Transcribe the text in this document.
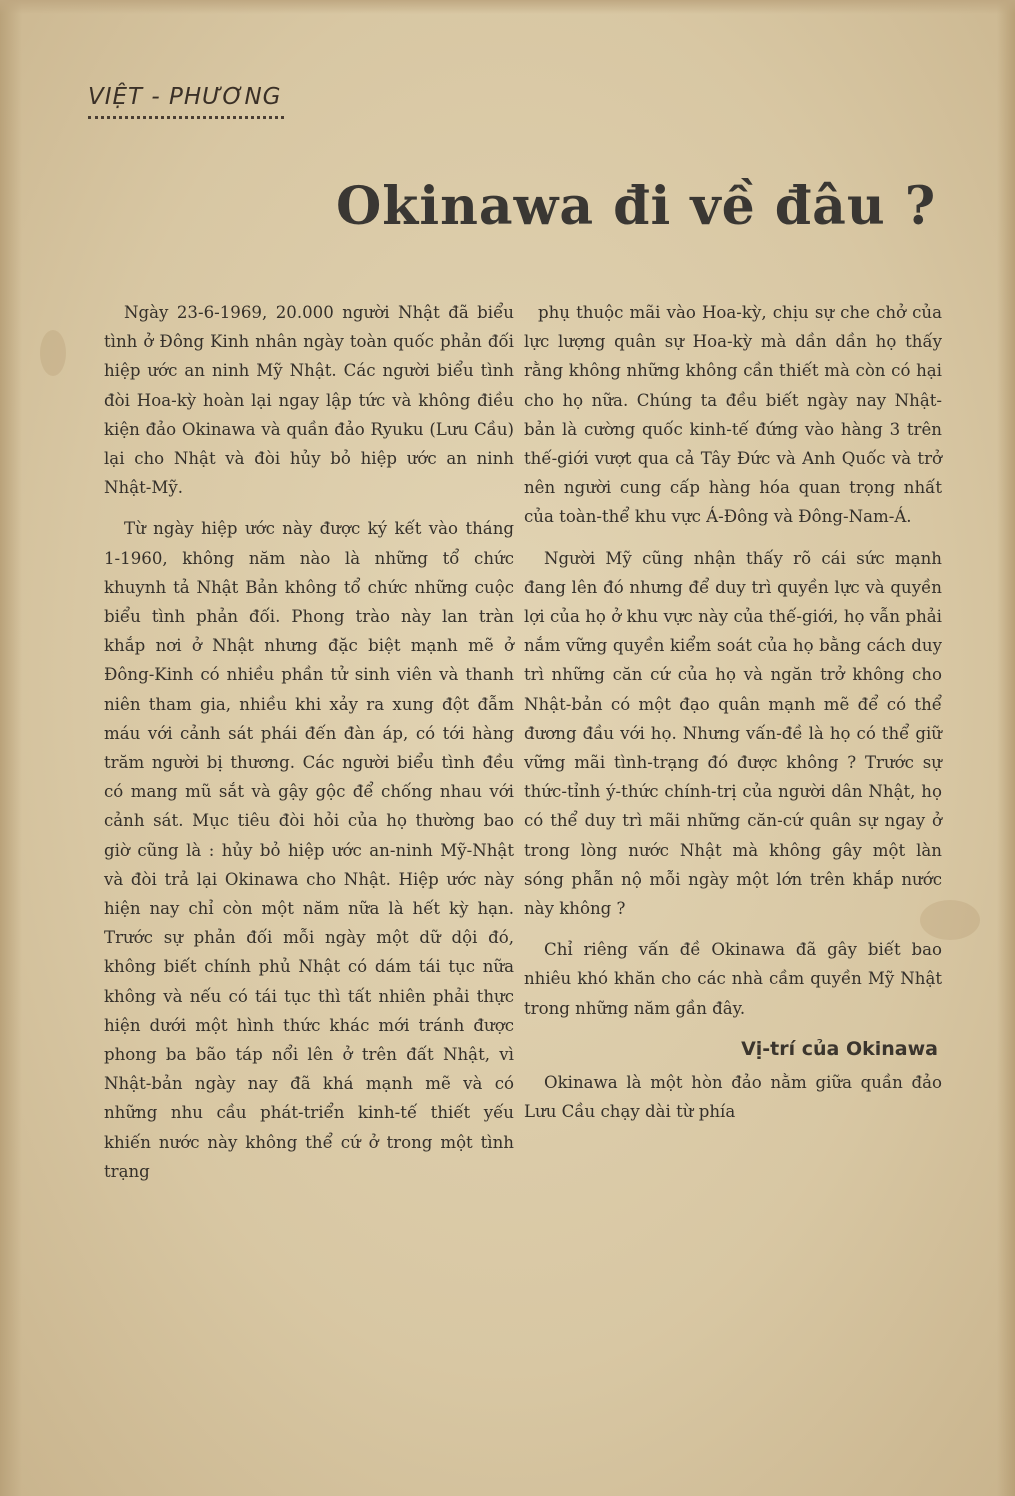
VIỆT - PHƯƠNG
Okinawa đi về đâu ?

Ngày 23-6-1969, 20.000 người Nhật đã biểu tình ở Đông Kinh nhân ngày toàn quốc phản đối hiệp ước an ninh Mỹ Nhật. Các người biểu tình đòi Hoa-kỳ hoàn lại ngay lập tức và không điều kiện đảo Okinawa và quần đảo Ryuku (Lưu Cầu) lại cho Nhật và đòi hủy bỏ hiệp ước an ninh Nhật-Mỹ.

Từ ngày hiệp ước này được ký kết vào tháng 1-1960, không năm nào là những tổ chức khuynh tả Nhật Bản không tổ chức những cuộc biểu tình phản đối. Phong trào này lan tràn khắp nơi ở Nhật nhưng đặc biệt mạnh mẽ ở Đông-Kinh có nhiều phần tử sinh viên và thanh niên tham gia, nhiều khi xảy ra xung đột đẫm máu với cảnh sát phái đến đàn áp, có tới hàng trăm người bị thương. Các người biểu tình đều có mang mũ sắt và gậy gộc để chống nhau với cảnh sát. Mục tiêu đòi hỏi của họ thường bao giờ cũng là : hủy bỏ hiệp ước an-ninh Mỹ-Nhật và đòi trả lại Okinawa cho Nhật. Hiệp ước này hiện nay chỉ còn một năm nữa là hết kỳ hạn. Trước sự phản đối mỗi ngày một dữ dội đó, không biết chính phủ Nhật có dám tái tục nữa không và nếu có tái tục thì tất nhiên phải thực hiện dưới một hình thức khác mới tránh được phong ba bão táp nổi lên ở trên đất Nhật, vì Nhật-bản ngày nay đã khá mạnh mẽ và có những nhu cầu phát-triển kinh-tế thiết yếu khiến nước này không thể cứ ở trong một tình trạng

phụ thuộc mãi vào Hoa-kỳ, chịu sự che chở của lực lượng quân sự Hoa-kỳ mà dần dần họ thấy rằng không những không cần thiết mà còn có hại cho họ nữa. Chúng ta đều biết ngày nay Nhật-bản là cường quốc kinh-tế đứng vào hàng 3 trên thế-giới vượt qua cả Tây Đức và Anh Quốc và trở nên người cung cấp hàng hóa quan trọng nhất của toàn-thể khu vực Á-Đông và Đông-Nam-Á.

Người Mỹ cũng nhận thấy rõ cái sức mạnh đang lên đó nhưng để duy trì quyền lực và quyền lợi của họ ở khu vực này của thế-giới, họ vẫn phải nắm vững quyền kiểm soát của họ bằng cách duy trì những căn cứ của họ và ngăn trở không cho Nhật-bản có một đạo quân mạnh mẽ để có thể đương đầu với họ. Nhưng vấn-đề là họ có thể giữ vững mãi tình-trạng đó được không ? Trước sự thức-tỉnh ý-thức chính-trị của người dân Nhật, họ có thể duy trì mãi những căn-cứ quân sự ngay ở trong lòng nước Nhật mà không gây một làn sóng phẫn nộ mỗi ngày một lớn trên khắp nước này không ?

Chỉ riêng vấn đề Okinawa đã gây biết bao nhiêu khó khăn cho các nhà cầm quyền Mỹ Nhật trong những năm gần đây.

Vị-trí của Okinawa

Okinawa là một hòn đảo nằm giữa quần đảo Lưu Cầu chạy dài từ phía
